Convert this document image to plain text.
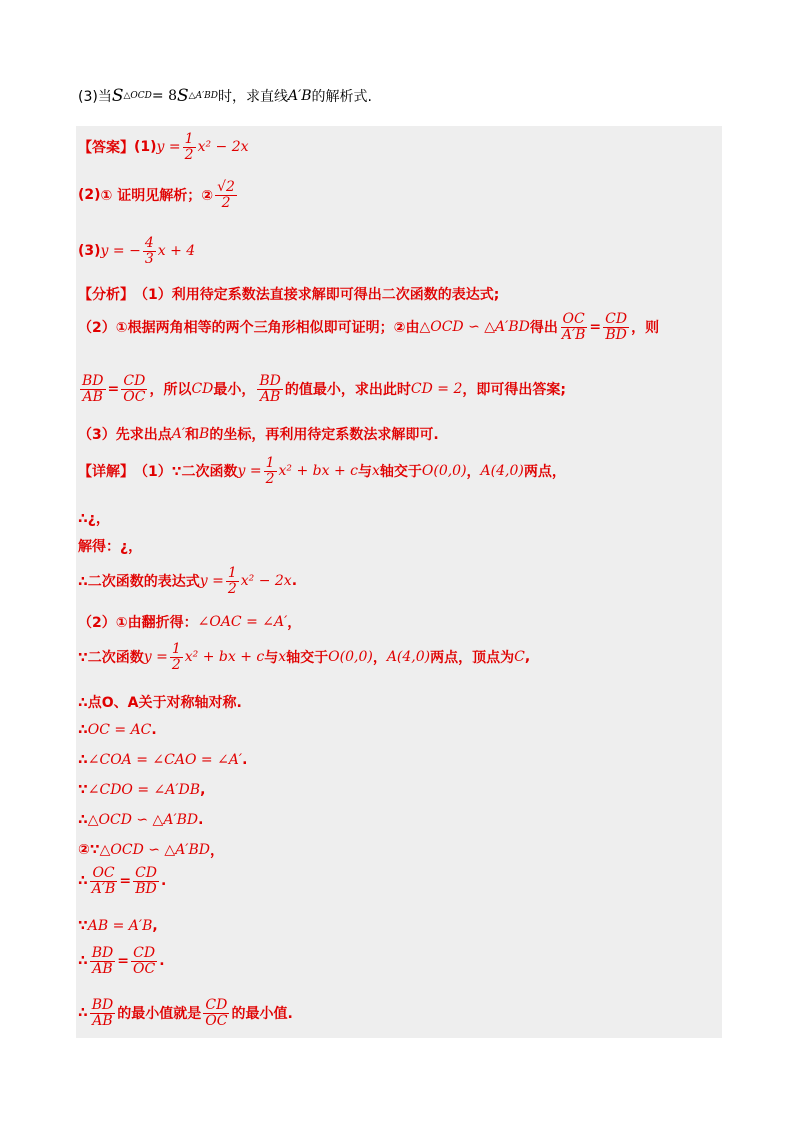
(3)当 S △OCD = 8 S △A′BD 时，求直线 A′B 的解析式.
【答案】 (1) $y = \frac{1}{2} x^2 - 2x$
(2) ① 证明见解析；② $\frac{√2}{2}$
(3) y = − $\frac{4}{3}$ x + 4
【分析】 （1）利用待定系数法直接求解即可得出二次函数的表达式;
（2）①根据两角相等的两个三角形相似即可证明；②由 △OCD ∽ △A′BD 得出 $\frac{OC}{A'B} = \frac{CD}{BD}$ ，则
$\frac{BD}{AB} = \frac{CD}{OC}$ ，所以 CD 最小， $\frac{BD}{AB}$ 的值最小，求出此时 CD = 2 ，即可得出答案;
（3）先求出点 A′ 和 B 的坐标，再利用待定系数法求解即可.
【详解】 （1）∵二次函数 $y = \frac{1}{2} x^2$ + bx + c 与 x 轴交于 O(0,0) ， A(4,0) 两点，
∴¿，
解得：¿，
∴二次函数的表达式 $y = \frac{1}{2} x^2 - 2x$ .
（2）①由翻折得： ∠OAC = ∠A′ ，
∵二次函数 $y = \frac{1}{2} x^2$ + bx + c 与 x 轴交于 O(0,0) ， A(4,0) 两点，顶点为 C ,
∴点O、A关于对称轴对称.
∴ OC = AC .
∴ ∠COA = ∠CAO = ∠A′ .
∵ ∠CDO = ∠A′DB ,
∴ △OCD ∽ △A′BD .
②∵ △OCD ∽ △A′BD ，
∴ $\frac{OC}{A'B} = \frac{CD}{BD}$ .
∵ AB = A′B ,
∴ $\frac{BD}{AB} = \frac{CD}{OC}$ .
∴ $\frac{BD}{AB}$ 的最小值就是 $\frac{CD}{OC}$ 的最小值.
